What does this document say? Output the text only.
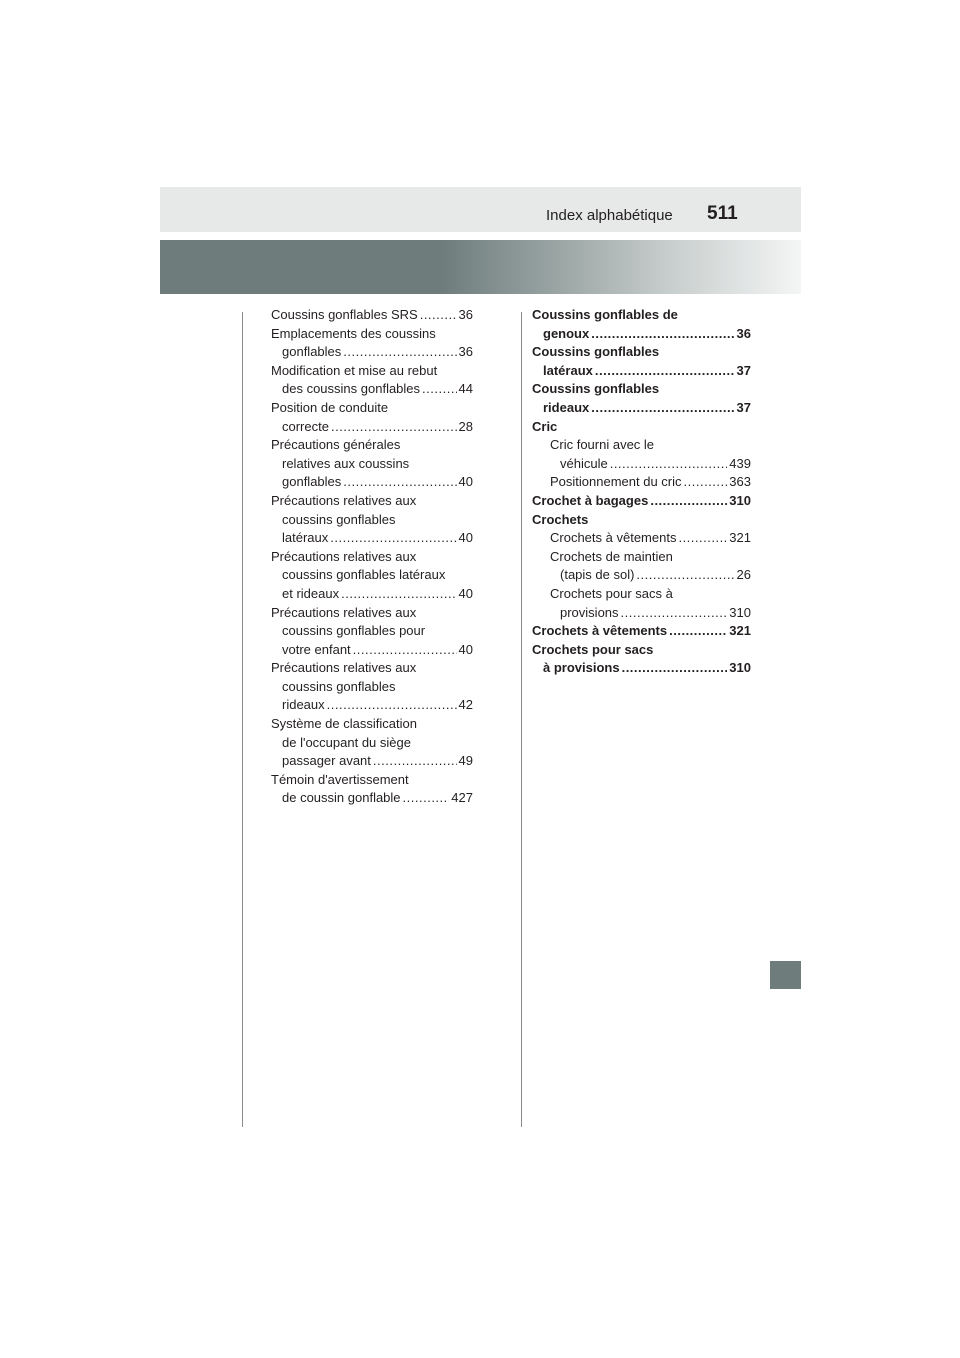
Index alphabétique 511
Coussins gonflables SRS .....	36
Emplacements des coussins
gonflables .....	36
Modification et mise au rebut
des coussins gonflables .....	44
Position de conduite
correcte .....	28
Précautions générales
relatives aux coussins
gonflables .....	40
Précautions relatives aux
coussins gonflables
latéraux .....	40
Précautions relatives aux
coussins gonflables latéraux
et rideaux .....	40
Précautions relatives aux
coussins gonflables pour
votre enfant .....	40
Précautions relatives aux
coussins gonflables
rideaux .....	42
Système de classification
de l'occupant du siège
passager avant .....	49
Témoin d'avertissement
de coussin gonflable .....	427
Coussins gonflables de
genoux .....	36
Coussins gonflables
latéraux .....	37
Coussins gonflables
rideaux .....	37
Cric
Cric fourni avec le
véhicule .....	439
Positionnement du cric .....	363
Crochet à bagages .....	310
Crochets
Crochets à vêtements .....	321
Crochets de maintien
(tapis de sol) .....	26
Crochets pour sacs à
provisions .....	310
Crochets à vêtements .....	321
Crochets pour sacs
à provisions .....	310
